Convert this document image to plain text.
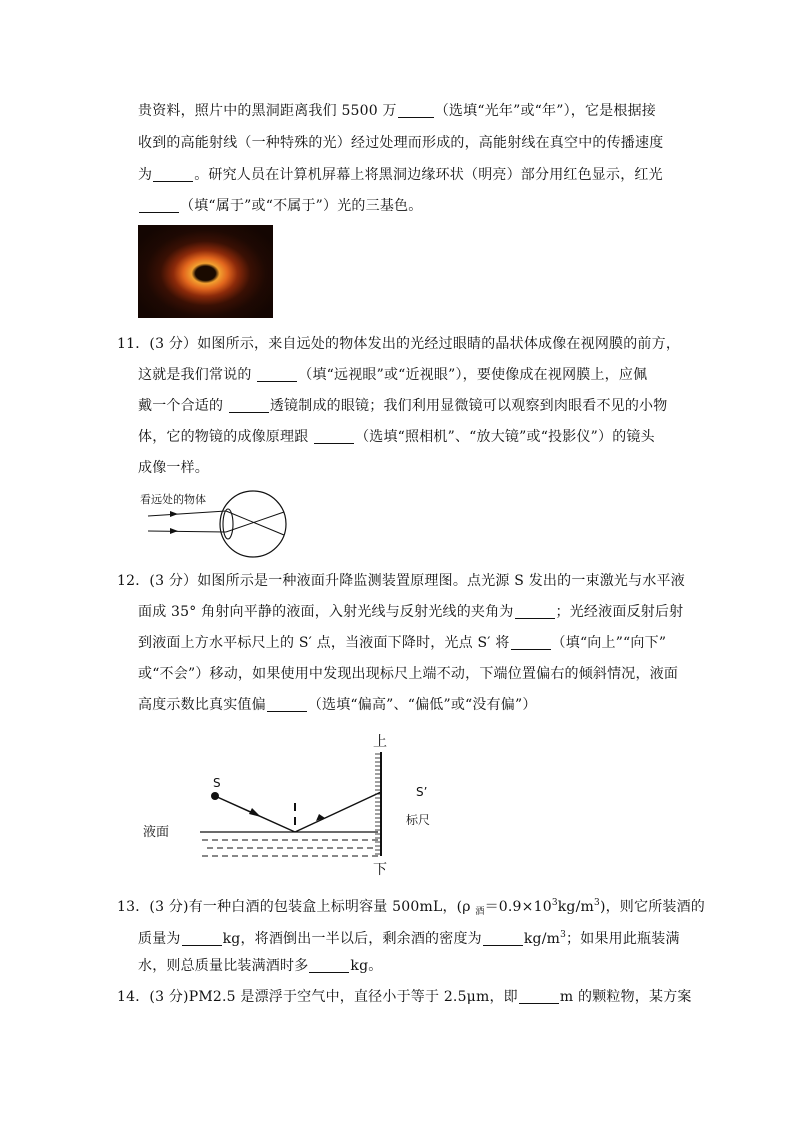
贵资料，照片中的黑洞距离我们 5500 万	（选填“光年”或“年”），它是根据接
收到的高能射线（一种特殊的光）经过处理而形成的，高能射线在真空中的传播速度
为	。研究人员在计算机屏幕上将黑洞边缘环状（明亮）部分用红色显示，红光
（填“属于”或“不属于”）光的三基色。
11．(3 分）如图所示，来自远处的物体发出的光经过眼睛的晶状体成像在视网膜的前方，
这就是我们常说的	（填“远视眼”或“近视眼”），要使像成在视网膜上，应佩
戴一个合适的	透镜制成的眼镜；我们利用显微镜可以观察到肉眼看不见的小物
体，它的物镜的成像原理跟	（选填“照相机”、“放大镜”或“投影仪”）的镜头
成像一样。
看远处的物体
12．(3 分）如图所示是一种液面升降监测装置原理图。点光源 S 发出的一束激光与水平液
面成 35° 角射向平静的液面，入射光线与反射光线的夹角为	；光经液面反射后射
到液面上方水平标尺上的 S′ 点，当液面下降时，光点 S′ 将	（填“向上”“向下”
或“不会”）移动，如果使用中发现出现标尺上端不动，下端位置偏右的倾斜情况，液面
高度示数比真实值偏	（选填“偏高”、“偏低”或“没有偏”）
上
下
S
S’
标尺
液面
13．(3 分)有一种白酒的包装盒上标明容量 500mL，(ρ $_酒=0.9\times 10^3kg/m^3$)，则它所装酒的
质量为	kg，将酒倒出一半以后，剩余酒的密度为	$kg/m^3$；如果用此瓶装满
水，则总质量比装满酒时多	kg。
14．(3 分)PM2.5 是漂浮于空气中，直径小于等于 2.5μm，即	m 的颗粒物，某方案
